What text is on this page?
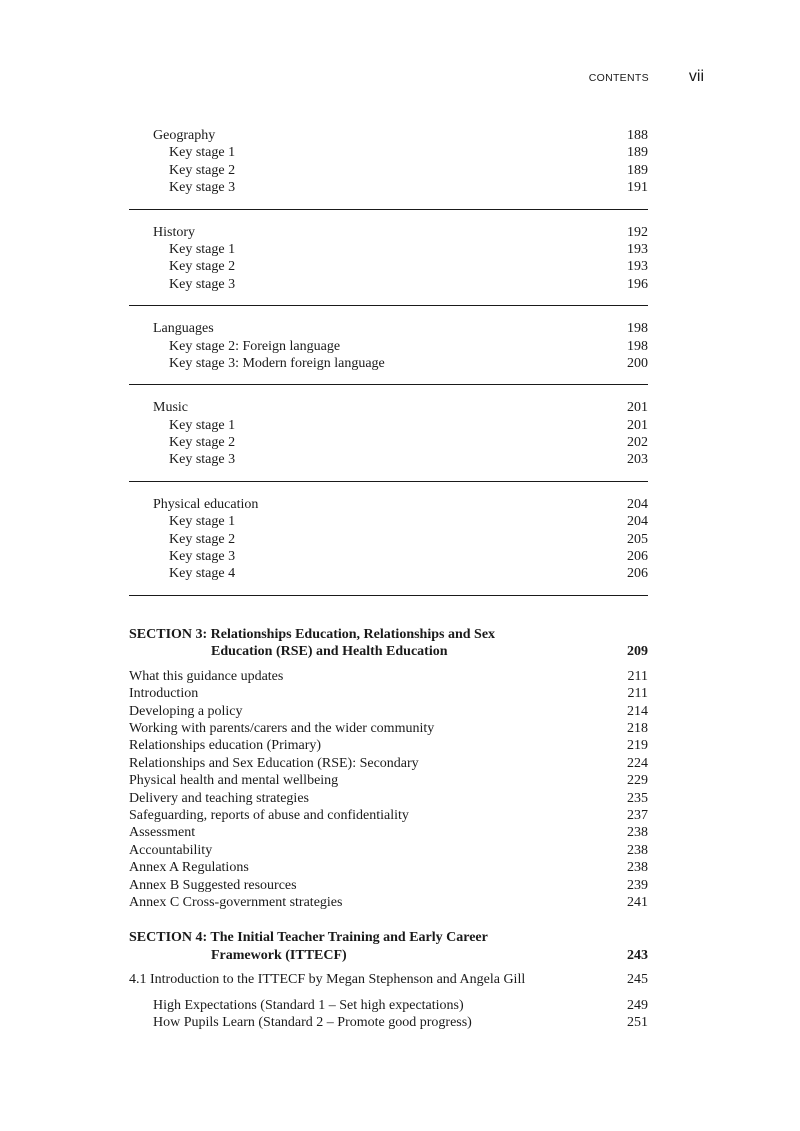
CONTENTS	vii
Geography	188
Key stage 1	189
Key stage 2	189
Key stage 3	191
History	192
Key stage 1	193
Key stage 2	193
Key stage 3	196
Languages	198
Key stage 2: Foreign language	198
Key stage 3: Modern foreign language	200
Music	201
Key stage 1	201
Key stage 2	202
Key stage 3	203
Physical education	204
Key stage 1	204
Key stage 2	205
Key stage 3	206
Key stage 4	206
SECTION 3: Relationships Education, Relationships and Sex
Education (RSE) and Health Education	209
What this guidance updates	211
Introduction	211
Developing a policy	214
Working with parents/carers and the wider community	218
Relationships education (Primary)	219
Relationships and Sex Education (RSE): Secondary	224
Physical health and mental wellbeing	229
Delivery and teaching strategies	235
Safeguarding, reports of abuse and confidentiality	237
Assessment	238
Accountability	238
Annex A Regulations	238
Annex B Suggested resources	239
Annex C Cross-government strategies	241
SECTION 4: The Initial Teacher Training and Early Career
Framework (ITTECF)	243
4.1 Introduction to the ITTECF by Megan Stephenson and Angela Gill	245
High Expectations (Standard 1 – Set high expectations)	249
How Pupils Learn (Standard 2 – Promote good progress)	251
